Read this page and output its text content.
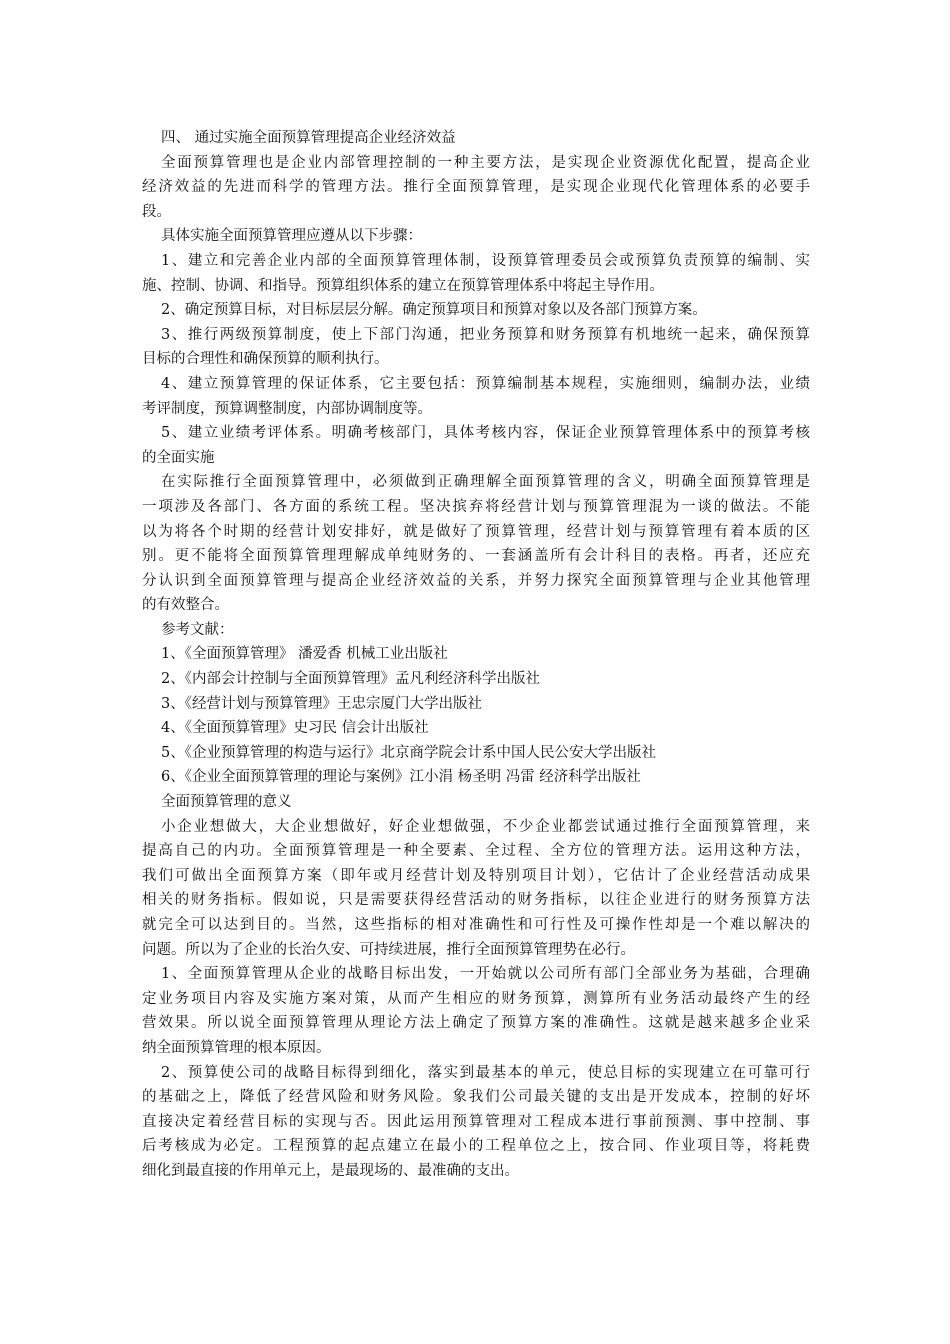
四、 通过实施全面预算管理提高企业经济效益
全面预算管理也是企业内部管理控制的一种主要方法，是实现企业资源优化配置，提高企业
经济效益的先进而科学的管理方法。推行全面预算管理，是实现企业现代化管理体系的必要手
段。
具体实施全面预算管理应遵从以下步骤：
1、建立和完善企业内部的全面预算管理体制，设预算管理委员会或预算负责预算的编制、实
施、控制、协调、和指导。预算组织体系的建立在预算管理体系中将起主导作用。
2、确定预算目标，对目标层层分解。确定预算项目和预算对象以及各部门预算方案。
3、推行两级预算制度，使上下部门沟通，把业务预算和财务预算有机地统一起来，确保预算
目标的合理性和确保预算的顺利执行。
4、建立预算管理的保证体系，它主要包括：预算编制基本规程，实施细则，编制办法，业绩
考评制度，预算调整制度，内部协调制度等。
5、建立业绩考评体系。明确考核部门，具体考核内容，保证企业预算管理体系中的预算考核
的全面实施
在实际推行全面预算管理中，必须做到正确理解全面预算管理的含义，明确全面预算管理是
一项涉及各部门、各方面的系统工程。坚决摈弃将经营计划与预算管理混为一谈的做法。不能
以为将各个时期的经营计划安排好，就是做好了预算管理，经营计划与预算管理有着本质的区
别。更不能将全面预算管理理解成单纯财务的、一套涵盖所有会计科目的表格。再者，还应充
分认识到全面预算管理与提高企业经济效益的关系，并努力探究全面预算管理与企业其他管理
的有效整合。
参考文献：
1、《全面预算管理》 潘爱香 机械工业出版社
2、《内部会计控制与全面预算管理》孟凡利经济科学出版社
3、《经营计划与预算管理》王忠宗厦门大学出版社
4、《全面预算管理》史习民 信会计出版社
5、《企业预算管理的构造与运行》北京商学院会计系中国人民公安大学出版社
6、《企业全面预算管理的理论与案例》江小涓 杨圣明 冯雷 经济科学出版社
全面预算管理的意义
小企业想做大，大企业想做好，好企业想做强，不少企业都尝试通过推行全面预算管理，来
提高自己的内功。全面预算管理是一种全要素、全过程、全方位的管理方法。运用这种方法，
我们可做出全面预算方案（即年或月经营计划及特别项目计划），它估计了企业经营活动成果
相关的财务指标。假如说，只是需要获得经营活动的财务指标，以往企业进行的财务预算方法
就完全可以达到目的。当然，这些指标的相对准确性和可行性及可操作性却是一个难以解决的
问题。所以为了企业的长治久安、可持续进展，推行全面预算管理势在必行。
1、全面预算管理从企业的战略目标出发，一开始就以公司所有部门全部业务为基础，合理确
定业务项目内容及实施方案对策，从而产生相应的财务预算，测算所有业务活动最终产生的经
营效果。所以说全面预算管理从理论方法上确定了预算方案的准确性。这就是越来越多企业采
纳全面预算管理的根本原因。
2、预算使公司的战略目标得到细化，落实到最基本的单元，使总目标的实现建立在可靠可行
的基础之上，降低了经营风险和财务风险。象我们公司最关键的支出是开发成本，控制的好坏
直接决定着经营目标的实现与否。因此运用预算管理对工程成本进行事前预测、事中控制、事
后考核成为必定。工程预算的起点建立在最小的工程单位之上，按合同、作业项目等，将耗费
细化到最直接的作用单元上，是最现场的、最准确的支出。
